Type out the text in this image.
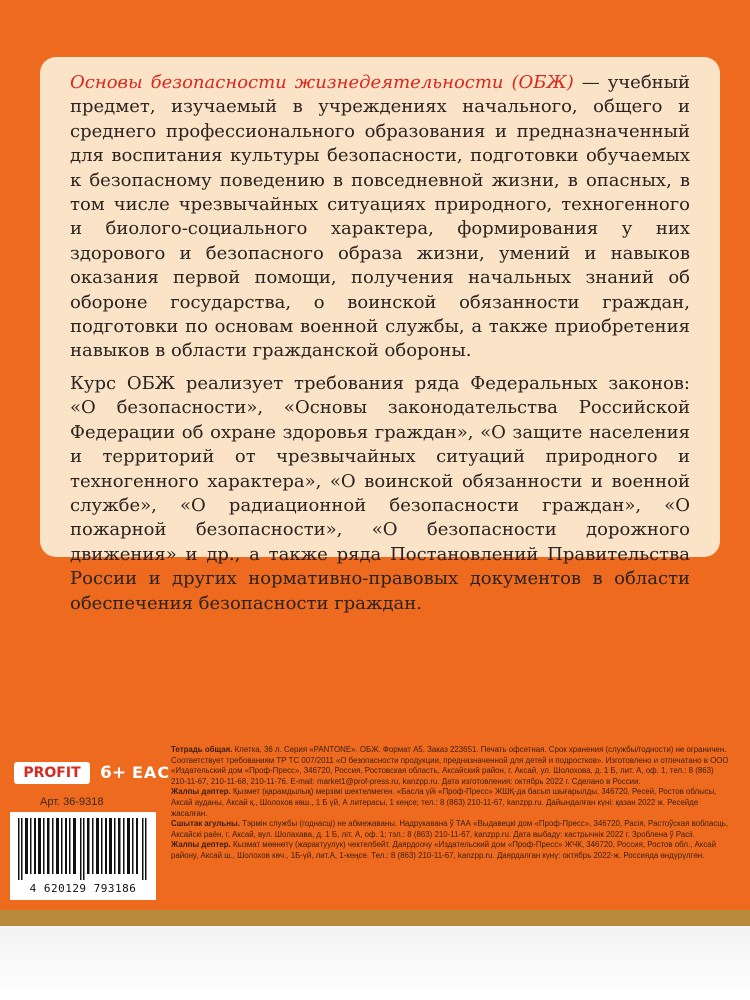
Основы безопасности жизнедеятельности (ОБЖ) — учебный предмет, изучаемый в учреждениях начального, общего и среднего профессионального образования и предназначенный для воспитания культуры безопасности, подготовки обучаемых к безопасному поведению в повседневной жизни, в опасных, в том числе чрезвычайных ситуациях природного, техногенного и биолого-социального характера, формирования у них здорового и безопасного образа жизни, умений и навыков оказания первой помощи, получения начальных знаний об обороне государства, о воинской обязанности граждан, подготовки по основам военной службы, а также приобретения навыков в области гражданской обороны.

Курс ОБЖ реализует требования ряда Федеральных законов: «О безопасности», «Основы законодательства Российской Федерации об охране здоровья граждан», «О защите населения и территорий от чрезвычайных ситуаций природного и техногенного характера», «О воинской обязанности и военной службе», «О радиационной безопасности граждан», «О пожарной безопасности», «О безопасности дорожного движения» и др., а также ряда Постановлений Правительства России и других нормативно-правовых документов в области обеспечения безопасности граждан.

PROFIT	6+ EAC
Арт. 36-9318
4 620129 793186

Тетрадь общая. Клетка, 36 л. Серия «PANTONE». ОБЖ. Формат А5. Заказ 223651. Печать офсетная. Срок хранения (службы/годности) не ограничен. Соответствует требованиям ТР ТС 007/2011 «О безопасности продукции, предназначенной для детей и подростков». Изготовлено и отпечатано в ООО «Издательский дом «Проф-Пресс», 346720, Россия, Ростовская область, Аксайский район, г. Аксай, ул. Шолохова, д. 1 Б, лит. А, оф. 1, тел.: 8 (863) 210-11-67, 210-11-68, 210-11-76. E-mail: market1@prof-press.ru, kanzpp.ru. Дата изготовления: октябрь 2022 г. Сделано в России.

Жалпы дәптер. Қызмет (қарамдылық) мерзімі шектелмеген. «Басла үйі «Проф-Пресс» ЖШҚ-да басып шығарылды, 346720, Ресей, Ростов облысы, Аксай ауданы, Аксай қ., Шолохов көш., 1 Б үй, А литерасы, 1 кеңсе; тел.: 8 (863) 210-11-67, kanzpp.ru. Дайындалған күні: қазан 2022 ж. Ресейде жасалған.

Сшытак агульны. Тэрмін службы (годнасці) не абмежаваны. Надрукавана ў ТАА «Выдавецкі дом «Проф-Пресс», 346720, Расія, Растоўская вобласць, Аксайскі раён, г. Аксай, вул. Шолахава, д. 1 Б, літ. А, оф. 1; тэл.: 8 (863) 210-11-67, kanzpp.ru. Дата выбаду: кастрычнік 2022 г. Зроблена ў Расіі.

Жалпы дептер. Кызмат мөөнөтү (жарактуулук) чектелбейт. Даярдоочу «Издательский дом «Проф-Пресс» ЖЧК, 346720, Россия, Ростов обл., Аксай району, Аксай ш., Шолохов көч., 1Б-үй, лит.А, 1-кеңсе. Тел.: 8 (863) 210-11-67, kanzpp.ru. Даярдалган күнү: октябрь 2022-ж. Россияда өндүрүлгөн.
